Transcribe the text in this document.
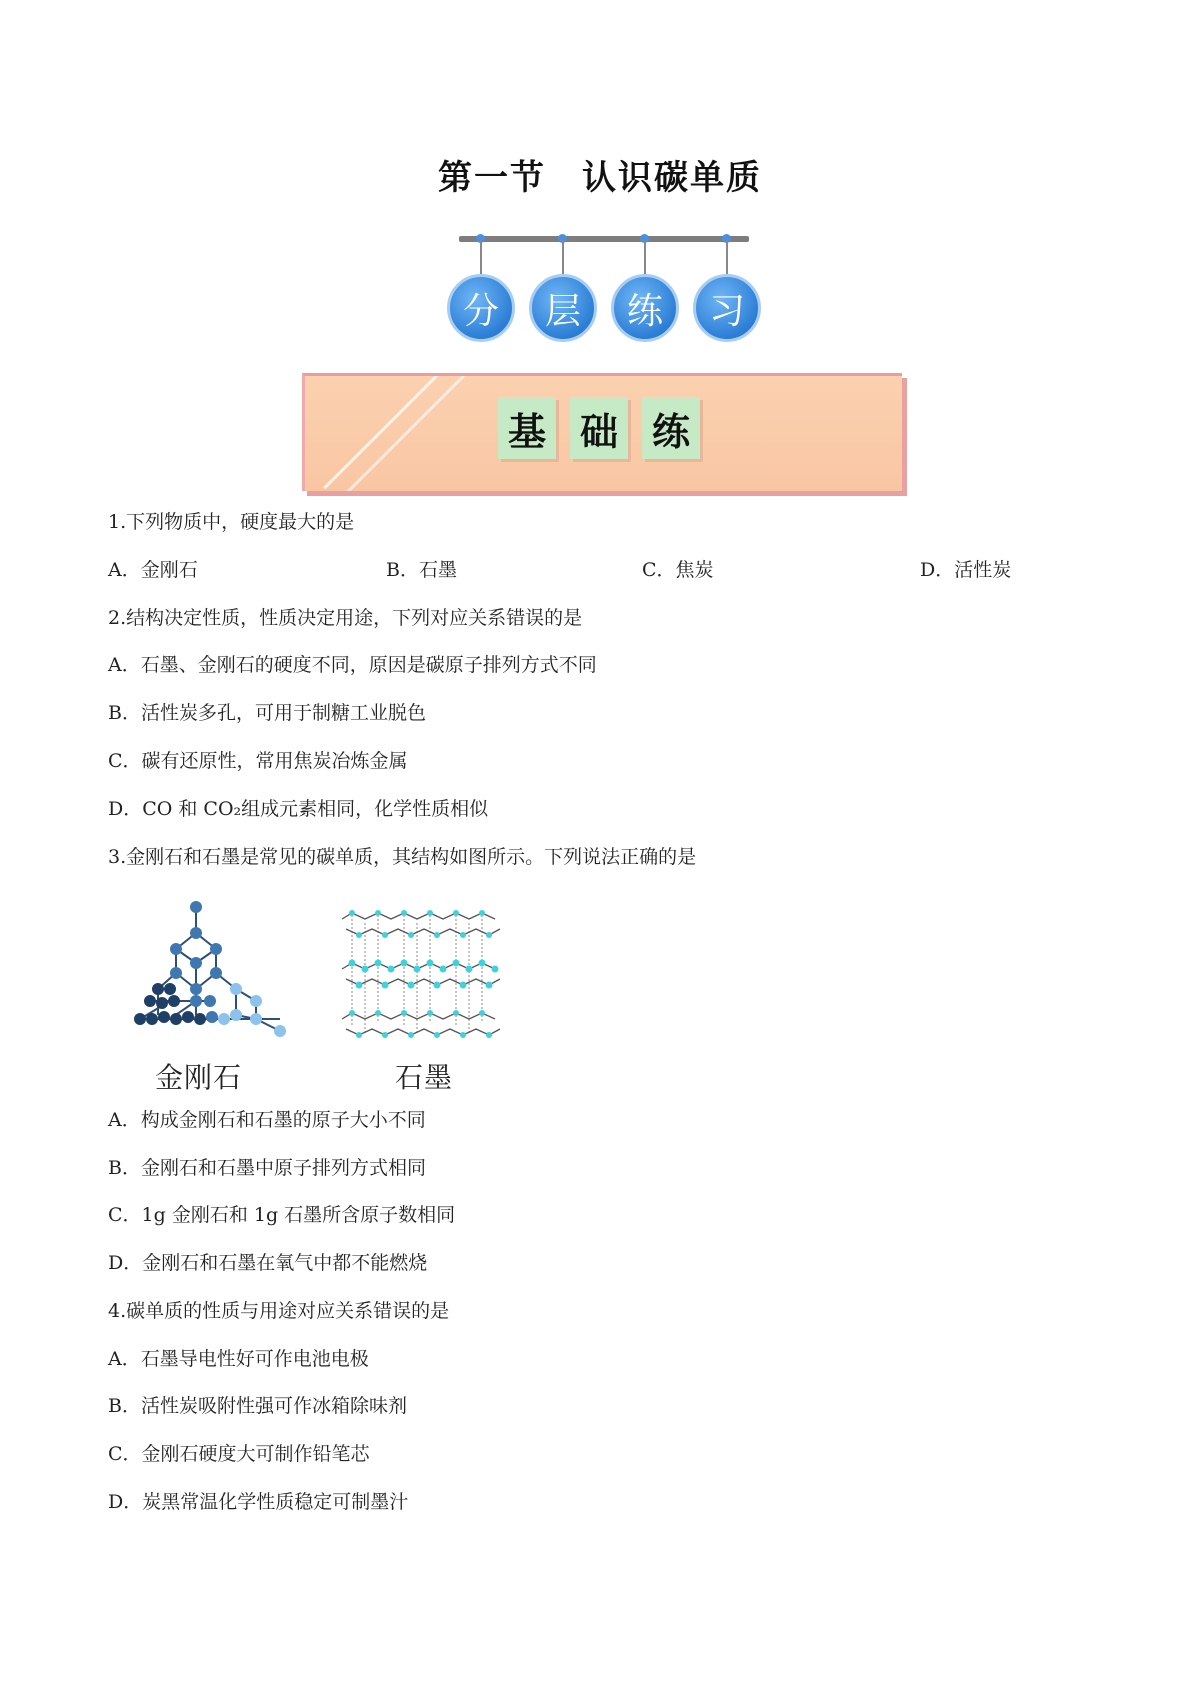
第一节 认识碳单质
分	层	练	习
基 础 练
1.下列物质中，硬度最大的是
A．金刚石	B．石墨	C．焦炭	D．活性炭
2.结构决定性质，性质决定用途，下列对应关系错误的是
A．石墨、金刚石的硬度不同，原因是碳原子排列方式不同
B．活性炭多孔，可用于制糖工业脱色
C．碳有还原性，常用焦炭冶炼金属
D．CO 和 CO₂组成元素相同，化学性质相似
3.金刚石和石墨是常见的碳单质，其结构如图所示。下列说法正确的是
金刚石	石墨
A．构成金刚石和石墨的原子大小不同
B．金刚石和石墨中原子排列方式相同
C．1g 金刚石和 1g 石墨所含原子数相同
D．金刚石和石墨在氧气中都不能燃烧
4.碳单质的性质与用途对应关系错误的是
A．石墨导电性好可作电池电极
B．活性炭吸附性强可作冰箱除味剂
C．金刚石硬度大可制作铅笔芯
D．炭黑常温化学性质稳定可制墨汁
